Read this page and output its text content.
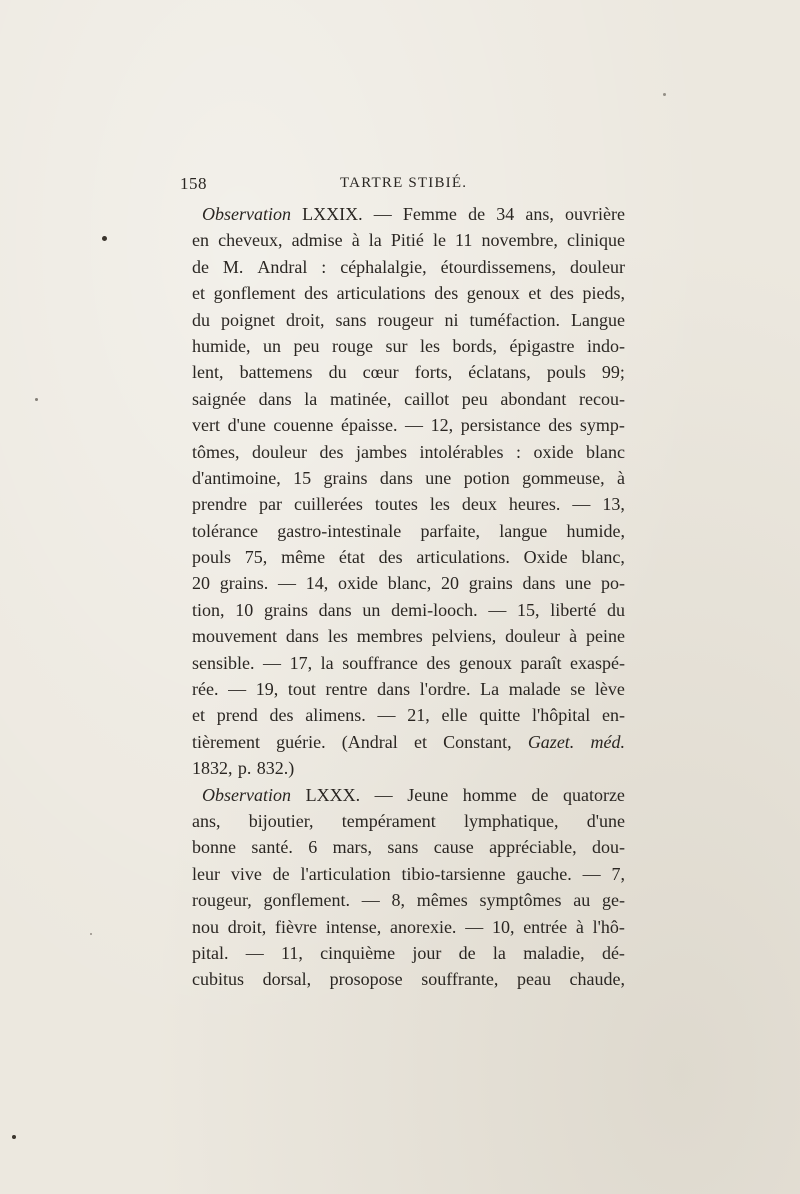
158	TARTRE STIBIÉ.
Observation LXXIX. — Femme de 34 ans, ouvrière
en cheveux, admise à la Pitié le 11 novembre, clinique
de M. Andral : céphalalgie, étourdissemens, douleur
et gonflement des articulations des genoux et des pieds,
du poignet droit, sans rougeur ni tuméfaction. Langue
humide, un peu rouge sur les bords, épigastre indo-
lent, battemens du cœur forts, éclatans, pouls 99;
saignée dans la matinée, caillot peu abondant recou-
vert d'une couenne épaisse. — 12, persistance des symp-
tômes, douleur des jambes intolérables : oxide blanc
d'antimoine, 15 grains dans une potion gommeuse, à
prendre par cuillerées toutes les deux heures. — 13,
tolérance gastro-intestinale parfaite, langue humide,
pouls 75, même état des articulations. Oxide blanc,
20 grains. — 14, oxide blanc, 20 grains dans une po-
tion, 10 grains dans un demi-looch. — 15, liberté du
mouvement dans les membres pelviens, douleur à peine
sensible. — 17, la souffrance des genoux paraît exaspé-
rée. — 19, tout rentre dans l'ordre. La malade se lève
et prend des alimens. — 21, elle quitte l'hôpital en-
tièrement guérie. (Andral et Constant, Gazet. méd.
1832, p. 832.)
Observation LXXX. — Jeune homme de quatorze
ans, bijoutier, tempérament lymphatique, d'une
bonne santé. 6 mars, sans cause appréciable, dou-
leur vive de l'articulation tibio-tarsienne gauche. — 7,
rougeur, gonflement. — 8, mêmes symptômes au ge-
nou droit, fièvre intense, anorexie. — 10, entrée à l'hô-
pital. — 11, cinquième jour de la maladie, dé-
cubitus dorsal, prosopose souffrante, peau chaude,
